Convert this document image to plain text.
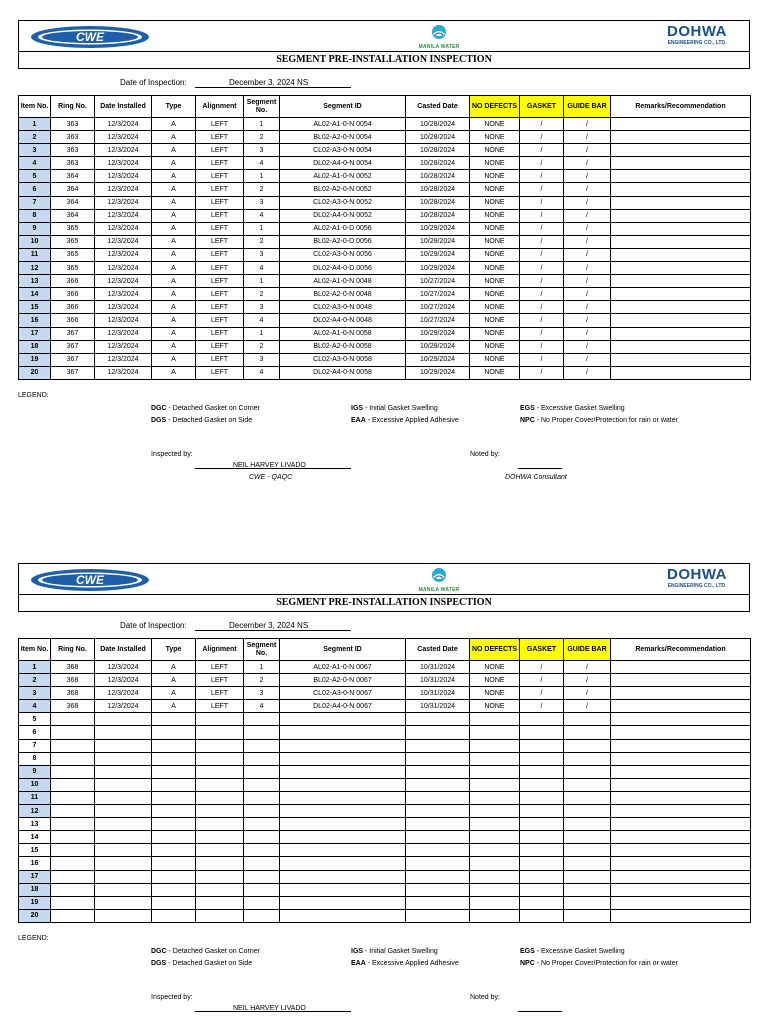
CWE
MANILA WATER
DOHWA
ENGINEERING CO., LTD.
SEGMENT PRE-INSTALLATION INSPECTION
Date of Inspection:	December 3, 2024 NS
Item No.	Ring No.	Date Installed	Type	Alignment	Segment No.	Segment ID	Casted Date	NO DEFECTS	GASKET	GUIDE BAR	Remarks/Recommendation
1	363	12/3/2024	A	LEFT	1	AL02-A1-0-N 0054	10/28/2024	NONE	/	/	
2	363	12/3/2024	A	LEFT	2	BL02-A2-0-N 0054	10/28/2024	NONE	/	/	
3	363	12/3/2024	A	LEFT	3	CL02-A3-0-N 0054	10/28/2024	NONE	/	/	
4	363	12/3/2024	A	LEFT	4	DL02-A4-0-N 0054	10/28/2024	NONE	/	/	
5	364	12/3/2024	A	LEFT	1	AL02-A1-0-N 0052	10/28/2024	NONE	/	/	
6	364	12/3/2024	A	LEFT	2	BL02-A2-0-N 0052	10/28/2024	NONE	/	/	
7	364	12/3/2024	A	LEFT	3	CL02-A3-0-N 0052	10/28/2024	NONE	/	/	
8	364	12/3/2024	A	LEFT	4	DL02-A4-0-N 0052	10/28/2024	NONE	/	/	
9	365	12/3/2024	A	LEFT	1	AL02-A1-0-D 0056	10/29/2024	NONE	/	/	
10	365	12/3/2024	A	LEFT	2	BL02-A2-0-D 0056	10/29/2024	NONE	/	/	
11	365	12/3/2024	A	LEFT	3	CL02-A3-0-N 0056	10/29/2024	NONE	/	/	
12	365	12/3/2024	A	LEFT	4	DL02-A4-0-D 0056	10/29/2024	NONE	/	/	
13	366	12/3/2024	A	LEFT	1	AL02-A1-0-N 0048	10/27/2024	NONE	/	/	
14	366	12/3/2024	A	LEFT	2	BL02-A2-0-N 0048	10/27/2024	NONE	/	/	
15	366	12/3/2024	A	LEFT	3	CL02-A3-0-N 0048	10/27/2024	NONE	/	/	
16	366	12/3/2024	A	LEFT	4	DL02-A4-0-N 0048	10/27/2024	NONE	/	/	
17	367	12/3/2024	A	LEFT	1	AL02-A1-0-N 0058	10/29/2024	NONE	/	/	
18	367	12/3/2024	A	LEFT	2	BL02-A2-0-N 0058	10/29/2024	NONE	/	/	
19	367	12/3/2024	A	LEFT	3	CL02-A3-0-N 0058	10/29/2024	NONE	/	/	
20	367	12/3/2024	A	LEFT	4	DL02-A4-0-N 0058	10/29/2024	NONE	/	/	
LEGEND:
DGC - Detached Gasket on Corner
DGS - Detached Gasket on Side
IGS - Initial Gasket Swelling
EAA - Excessive Applied Adhesive
EGS - Excessive Gasket Swelling
NPC - No Proper Cover/Protection for rain or water
Inspected by:
NEIL HARVEY LIVADO
CWE - QAQC
Noted by:
DOHWA Consultant
CWE
MANILA WATER
DOHWA
ENGINEERING CO., LTD.
SEGMENT PRE-INSTALLATION INSPECTION
Date of Inspection:	December 3, 2024 NS
Item No.	Ring No.	Date Installed	Type	Alignment	Segment No.	Segment ID	Casted Date	NO DEFECTS	GASKET	GUIDE BAR	Remarks/Recommendation
1	368	12/3/2024	A	LEFT	1	AL02-A1-0-N 0067	10/31/2024	NONE	/	/	
2	368	12/3/2024	A	LEFT	2	BL02-A2-0-N 0067	10/31/2024	NONE	/	/	
3	368	12/3/2024	A	LEFT	3	CL02-A3-0-N 0067	10/31/2024	NONE	/	/	
4	368	12/3/2024	A	LEFT	4	DL02-A4-0-N 0067	10/31/2024	NONE	/	/	
5											
6											
7											
8											
9											
10											
11											
12											
13											
14											
15											
16											
17											
18											
19											
20											
LEGEND:
DGC - Detached Gasket on Corner
DGS - Detached Gasket on Side
IGS - Initial Gasket Swelling
EAA - Excessive Applied Adhesive
EGS - Excessive Gasket Swelling
NPC - No Proper Cover/Protection for rain or water
Inspected by:
NEIL HARVEY LIVADO
Noted by:
